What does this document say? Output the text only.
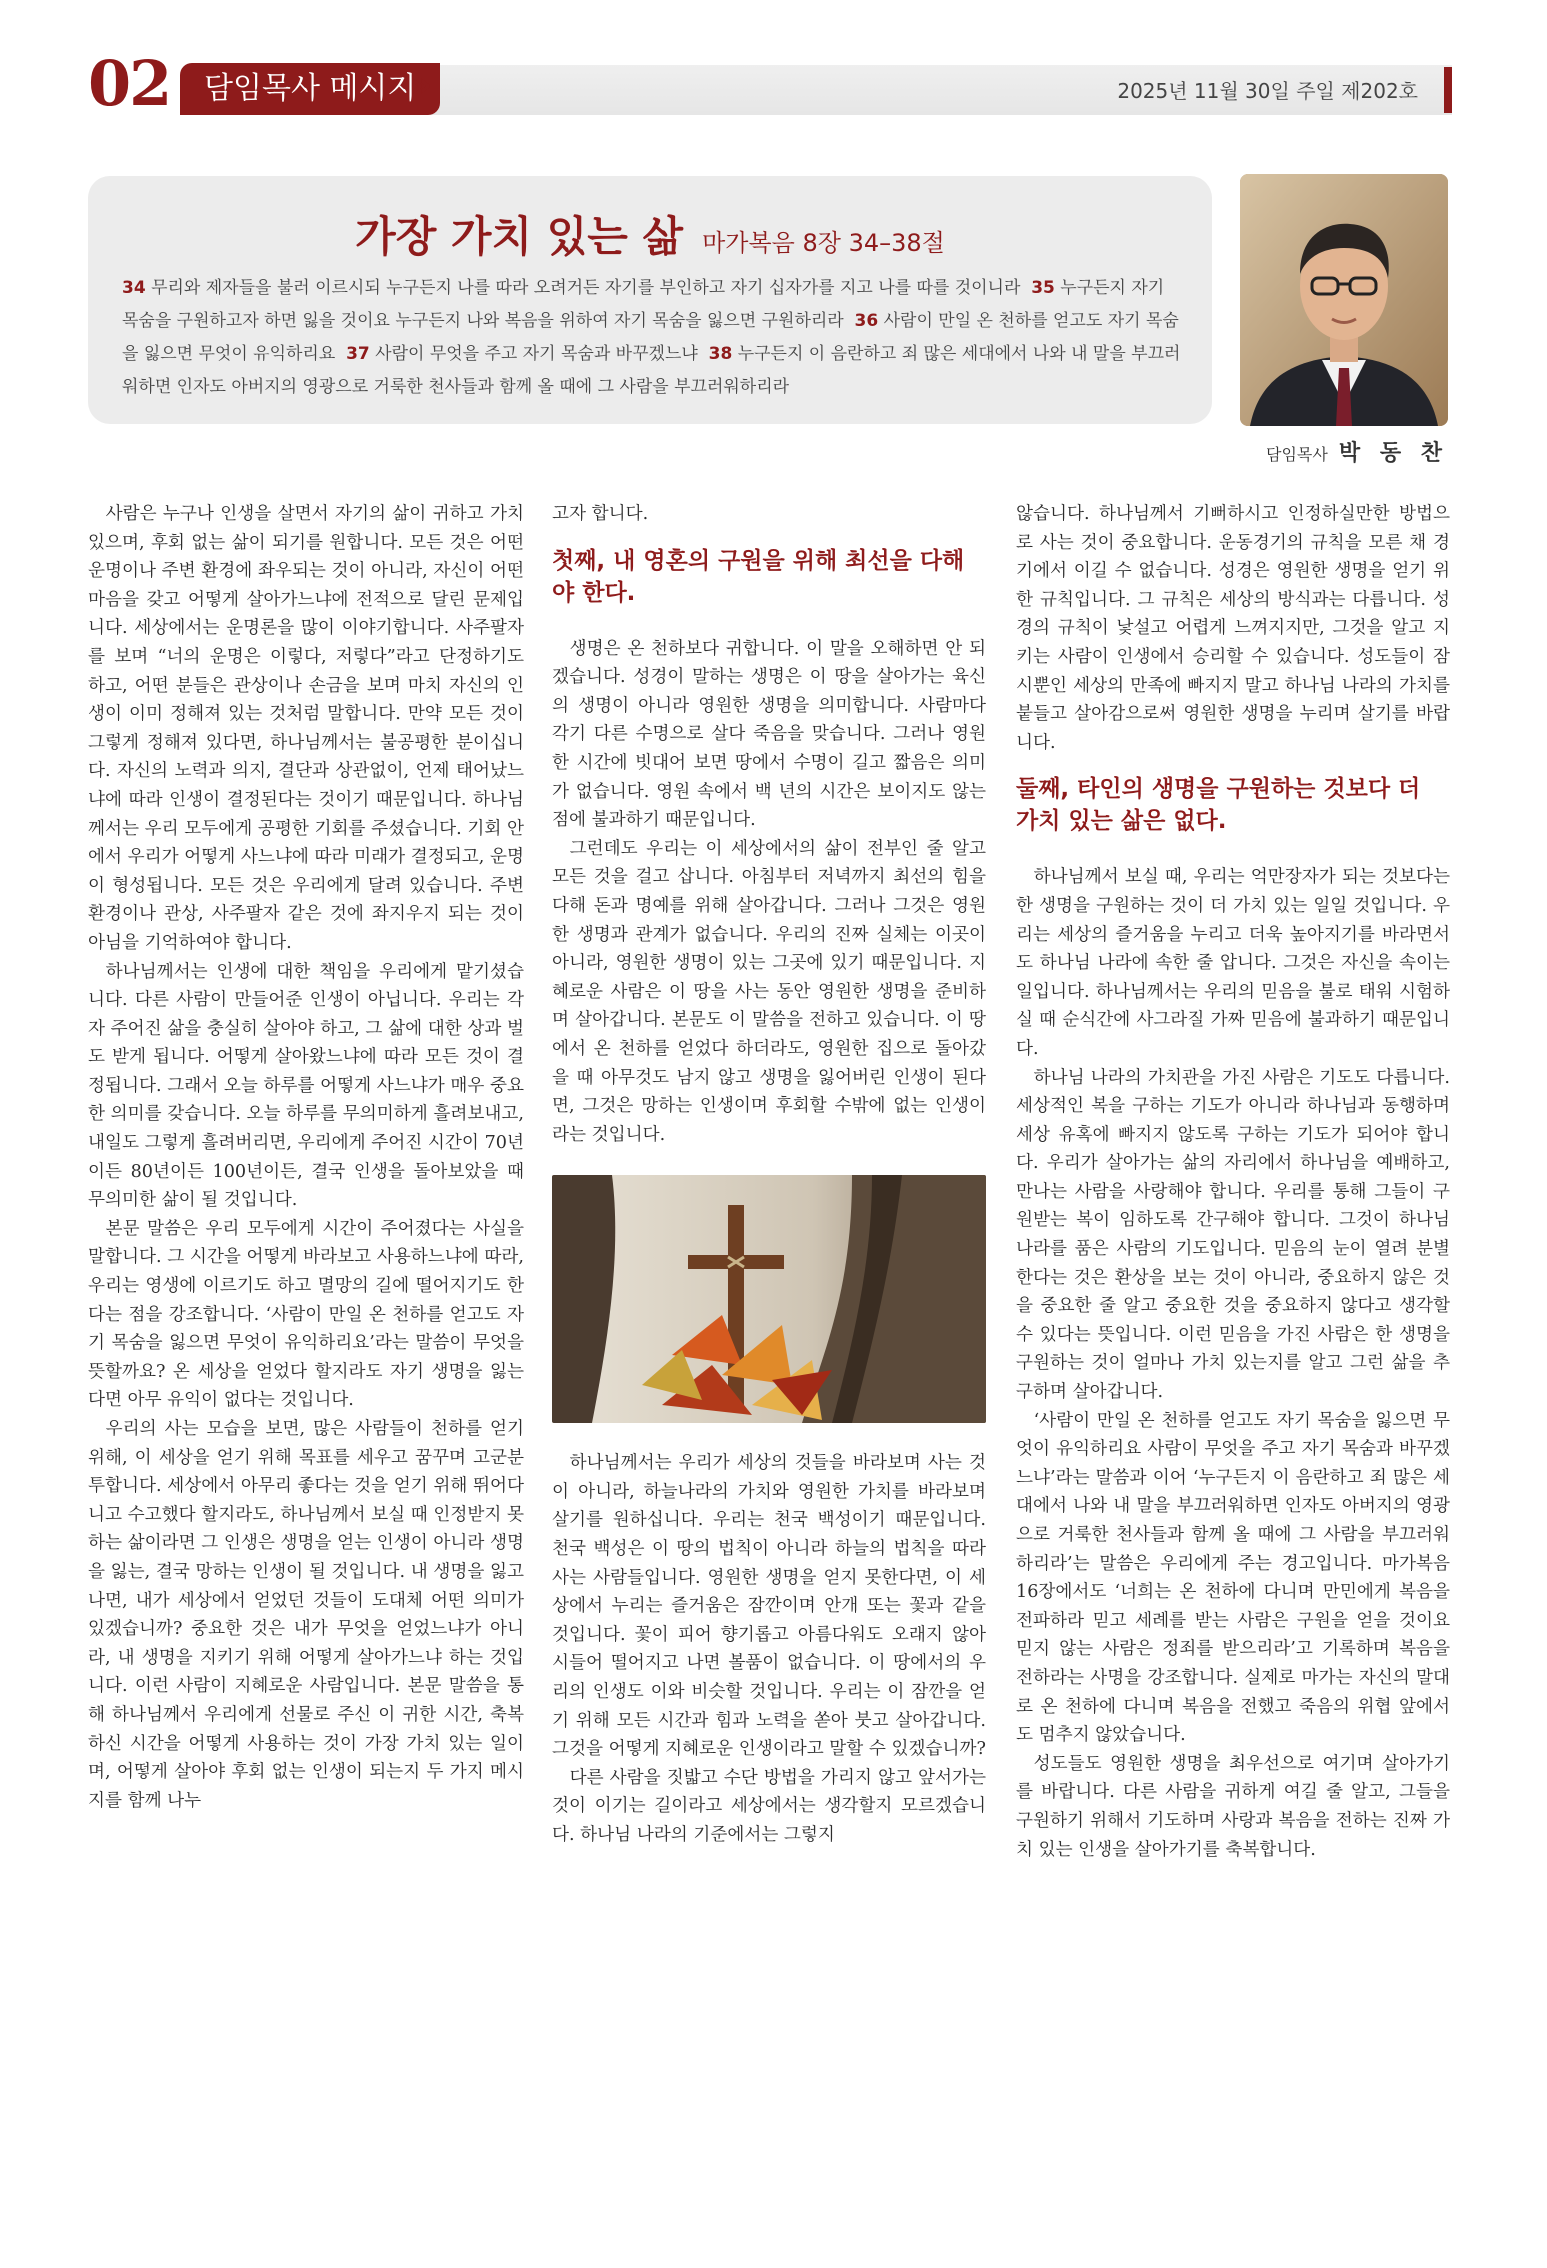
02	담임목사 메시지
»	2025년 11월 30일 주일 제202호
가장 가치 있는 삶 마가복음 8장 34–38절
34 무리와 제자들을 불러 이르시되 누구든지 나를 따라 오려거든 자기를 부인하고 자기 십자가를 지고 나를 따를 것이니라 35 누구든지 자기 목숨을 구원하고자 하면 잃을 것이요 누구든지 나와 복음을 위하여 자기 목숨을 잃으면 구원하리라 36 사람이 만일 온 천하를 얻고도 자기 목숨을 잃으면 무엇이 유익하리요 37 사람이 무엇을 주고 자기 목숨과 바꾸겠느냐 38 누구든지 이 음란하고 죄 많은 세대에서 나와 내 말을 부끄러워하면 인자도 아버지의 영광으로 거룩한 천사들과 함께 올 때에 그 사람을 부끄러워하리라
담임목사 박 동 찬

사람은 누구나 인생을 살면서 자기의 삶이 귀하고 가치 있으며, 후회 없는 삶이 되기를 원합니다. 모든 것은 어떤 운명이나 주변 환경에 좌우되는 것이 아니라, 자신이 어떤 마음을 갖고 어떻게 살아가느냐에 전적으로 달린 문제입니다. 세상에서는 운명론을 많이 이야기합니다. 사주팔자를 보며 “너의 운명은 이렇다, 저렇다”라고 단정하기도 하고, 어떤 분들은 관상이나 손금을 보며 마치 자신의 인생이 이미 정해져 있는 것처럼 말합니다. 만약 모든 것이 그렇게 정해져 있다면, 하나님께서는 불공평한 분이십니다. 자신의 노력과 의지, 결단과 상관없이, 언제 태어났느냐에 따라 인생이 결정된다는 것이기 때문입니다. 하나님께서는 우리 모두에게 공평한 기회를 주셨습니다. 기회 안에서 우리가 어떻게 사느냐에 따라 미래가 결정되고, 운명이 형성됩니다. 모든 것은 우리에게 달려 있습니다. 주변 환경이나 관상, 사주팔자 같은 것에 좌지우지 되는 것이 아님을 기억하여야 합니다.

하나님께서는 인생에 대한 책임을 우리에게 맡기셨습니다. 다른 사람이 만들어준 인생이 아닙니다. 우리는 각자 주어진 삶을 충실히 살아야 하고, 그 삶에 대한 상과 벌도 받게 됩니다. 어떻게 살아왔느냐에 따라 모든 것이 결정됩니다. 그래서 오늘 하루를 어떻게 사느냐가 매우 중요한 의미를 갖습니다. 오늘 하루를 무의미하게 흘려보내고, 내일도 그렇게 흘려버리면, 우리에게 주어진 시간이 70년이든 80년이든 100년이든, 결국 인생을 돌아보았을 때 무의미한 삶이 될 것입니다.

본문 말씀은 우리 모두에게 시간이 주어졌다는 사실을 말합니다. 그 시간을 어떻게 바라보고 사용하느냐에 따라, 우리는 영생에 이르기도 하고 멸망의 길에 떨어지기도 한다는 점을 강조합니다. ‘사람이 만일 온 천하를 얻고도 자기 목숨을 잃으면 무엇이 유익하리요’라는 말씀이 무엇을 뜻할까요? 온 세상을 얻었다 할지라도 자기 생명을 잃는다면 아무 유익이 없다는 것입니다.

우리의 사는 모습을 보면, 많은 사람들이 천하를 얻기 위해, 이 세상을 얻기 위해 목표를 세우고 꿈꾸며 고군분투합니다. 세상에서 아무리 좋다는 것을 얻기 위해 뛰어다니고 수고했다 할지라도, 하나님께서 보실 때 인정받지 못하는 삶이라면 그 인생은 생명을 얻는 인생이 아니라 생명을 잃는, 결국 망하는 인생이 될 것입니다. 내 생명을 잃고 나면, 내가 세상에서 얻었던 것들이 도대체 어떤 의미가 있겠습니까? 중요한 것은 내가 무엇을 얻었느냐가 아니라, 내 생명을 지키기 위해 어떻게 살아가느냐 하는 것입니다. 이런 사람이 지혜로운 사람입니다. 본문 말씀을 통해 하나님께서 우리에게 선물로 주신 이 귀한 시간, 축복하신 시간을 어떻게 사용하는 것이 가장 가치 있는 일이며, 어떻게 살아야 후회 없는 인생이 되는지 두 가지 메시지를 함께 나누

고자 합니다.

첫째, 내 영혼의 구원을 위해 최선을 다해야 한다.

생명은 온 천하보다 귀합니다. 이 말을 오해하면 안 되겠습니다. 성경이 말하는 생명은 이 땅을 살아가는 육신의 생명이 아니라 영원한 생명을 의미합니다. 사람마다 각기 다른 수명으로 살다 죽음을 맞습니다. 그러나 영원한 시간에 빗대어 보면 땅에서 수명이 길고 짧음은 의미가 없습니다. 영원 속에서 백 년의 시간은 보이지도 않는 점에 불과하기 때문입니다.

그런데도 우리는 이 세상에서의 삶이 전부인 줄 알고 모든 것을 걸고 삽니다. 아침부터 저녁까지 최선의 힘을 다해 돈과 명예를 위해 살아갑니다. 그러나 그것은 영원한 생명과 관계가 없습니다. 우리의 진짜 실체는 이곳이 아니라, 영원한 생명이 있는 그곳에 있기 때문입니다. 지혜로운 사람은 이 땅을 사는 동안 영원한 생명을 준비하며 살아갑니다. 본문도 이 말씀을 전하고 있습니다. 이 땅에서 온 천하를 얻었다 하더라도, 영원한 집으로 돌아갔을 때 아무것도 남지 않고 생명을 잃어버린 인생이 된다면, 그것은 망하는 인생이며 후회할 수밖에 없는 인생이라는 것입니다.

하나님께서는 우리가 세상의 것들을 바라보며 사는 것이 아니라, 하늘나라의 가치와 영원한 가치를 바라보며 살기를 원하십니다. 우리는 천국 백성이기 때문입니다. 천국 백성은 이 땅의 법칙이 아니라 하늘의 법칙을 따라 사는 사람들입니다. 영원한 생명을 얻지 못한다면, 이 세상에서 누리는 즐거움은 잠깐이며 안개 또는 꽃과 같을 것입니다. 꽃이 피어 향기롭고 아름다워도 오래지 않아 시들어 떨어지고 나면 볼품이 없습니다. 이 땅에서의 우리의 인생도 이와 비슷할 것입니다. 우리는 이 잠깐을 얻기 위해 모든 시간과 힘과 노력을 쏟아 붓고 살아갑니다. 그것을 어떻게 지혜로운 인생이라고 말할 수 있겠습니까?

다른 사람을 짓밟고 수단 방법을 가리지 않고 앞서가는 것이 이기는 길이라고 세상에서는 생각할지 모르겠습니다. 하나님 나라의 기준에서는 그렇지

않습니다. 하나님께서 기뻐하시고 인정하실만한 방법으로 사는 것이 중요합니다. 운동경기의 규칙을 모른 채 경기에서 이길 수 없습니다. 성경은 영원한 생명을 얻기 위한 규칙입니다. 그 규칙은 세상의 방식과는 다릅니다. 성경의 규칙이 낯설고 어렵게 느껴지지만, 그것을 알고 지키는 사람이 인생에서 승리할 수 있습니다. 성도들이 잠시뿐인 세상의 만족에 빠지지 말고 하나님 나라의 가치를 붙들고 살아감으로써 영원한 생명을 누리며 살기를 바랍니다.

둘째, 타인의 생명을 구원하는 것보다 더 가치 있는 삶은 없다.

하나님께서 보실 때, 우리는 억만장자가 되는 것보다는 한 생명을 구원하는 것이 더 가치 있는 일일 것입니다. 우리는 세상의 즐거움을 누리고 더욱 높아지기를 바라면서도 하나님 나라에 속한 줄 압니다. 그것은 자신을 속이는 일입니다. 하나님께서는 우리의 믿음을 불로 태워 시험하실 때 순식간에 사그라질 가짜 믿음에 불과하기 때문입니다.

하나님 나라의 가치관을 가진 사람은 기도도 다릅니다. 세상적인 복을 구하는 기도가 아니라 하나님과 동행하며 세상 유혹에 빠지지 않도록 구하는 기도가 되어야 합니다. 우리가 살아가는 삶의 자리에서 하나님을 예배하고, 만나는 사람을 사랑해야 합니다. 우리를 통해 그들이 구원받는 복이 임하도록 간구해야 합니다. 그것이 하나님 나라를 품은 사람의 기도입니다. 믿음의 눈이 열려 분별한다는 것은 환상을 보는 것이 아니라, 중요하지 않은 것을 중요한 줄 알고 중요한 것을 중요하지 않다고 생각할 수 있다는 뜻입니다. 이런 믿음을 가진 사람은 한 생명을 구원하는 것이 얼마나 가치 있는지를 알고 그런 삶을 추구하며 살아갑니다.

‘사람이 만일 온 천하를 얻고도 자기 목숨을 잃으면 무엇이 유익하리요 사람이 무엇을 주고 자기 목숨과 바꾸겠느냐’라는 말씀과 이어 ‘누구든지 이 음란하고 죄 많은 세대에서 나와 내 말을 부끄러워하면 인자도 아버지의 영광으로 거룩한 천사들과 함께 올 때에 그 사람을 부끄러워하리라’는 말씀은 우리에게 주는 경고입니다. 마가복음 16장에서도 ‘너희는 온 천하에 다니며 만민에게 복음을 전파하라 믿고 세례를 받는 사람은 구원을 얻을 것이요 믿지 않는 사람은 정죄를 받으리라’고 기록하며 복음을 전하라는 사명을 강조합니다. 실제로 마가는 자신의 말대로 온 천하에 다니며 복음을 전했고 죽음의 위협 앞에서도 멈추지 않았습니다.

성도들도 영원한 생명을 최우선으로 여기며 살아가기를 바랍니다. 다른 사람을 귀하게 여길 줄 알고, 그들을 구원하기 위해서 기도하며 사랑과 복음을 전하는 진짜 가치 있는 인생을 살아가기를 축복합니다.
